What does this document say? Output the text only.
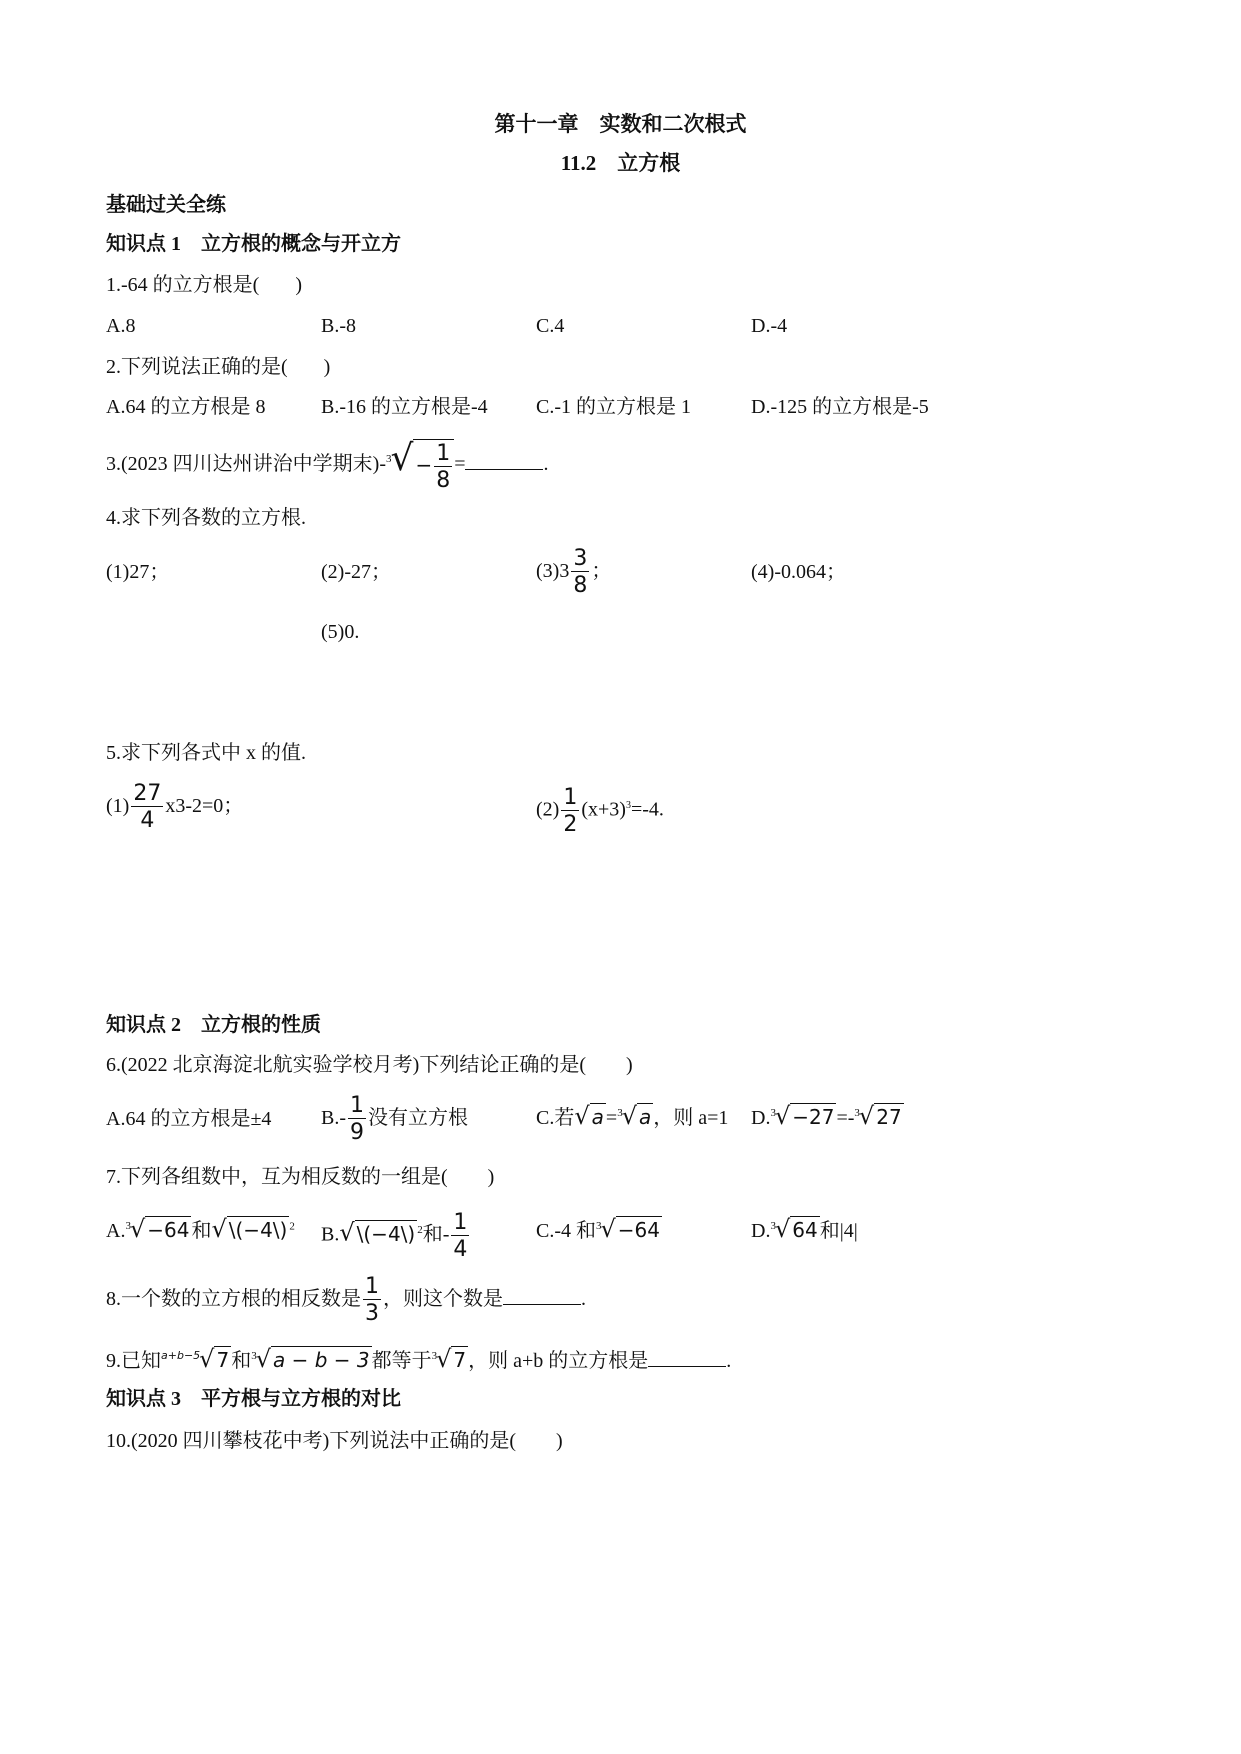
第十一章　实数和二次根式
11.2　立方根
基础过关全练
知识点 1　立方根的概念与开立方
1.-64 的立方根是( )
A.8	B.-8	C.4	D.-4
2.下列说法正确的是( )
A.64 的立方根是 8	B.-16 的立方根是-4 C.-1 的立方根是 1	D.-125 的立方根是-5
3.(2023 四川达州讲治中学期末)$-^3√ - \frac{1}{8}$ =	.
4.求下列各数的立方根.
(1)27；	(2)-27；	$(3)3 \frac{3}{8}$ ；	(4)-0.064；
(5)0.
5.求下列各式中 x 的值.
$(1) \frac{27}{4} x3-2=0$；	$(2) \frac{1}{2} (x+3)^3=-4$.
知识点 2　立方根的性质
6.(2022 北京海淀北航实验学校月考)下列结论正确的是( )
A.64 的立方根是±4 $B.- \frac{1}{9}$ 没有立方根	C.若√ a =$^3$√ a ，则 a=1 D.$^3$√ −27 =-$^3$√ 27
7.下列各组数中，互为相反数的一组是( )
A.$^3$√ −64 和√ \(−4\) $^2$ B.√ \(−4\) $^2$和- $\frac{1}{4}$	C.-4 和$^3$√ −64	D.$^3$√ 64 和|4|
8.一个数的立方根的相反数是 $\frac{1}{3}$ ，则这个数是	.
9.已知$^{a+b-5}$√ 7 和$^3$√ a − b − 3 都等于$^3$√ 7 ，则 a+b 的立方根是	.
知识点 3　平方根与立方根的对比
10.(2020 四川攀枝花中考)下列说法中正确的是( )
